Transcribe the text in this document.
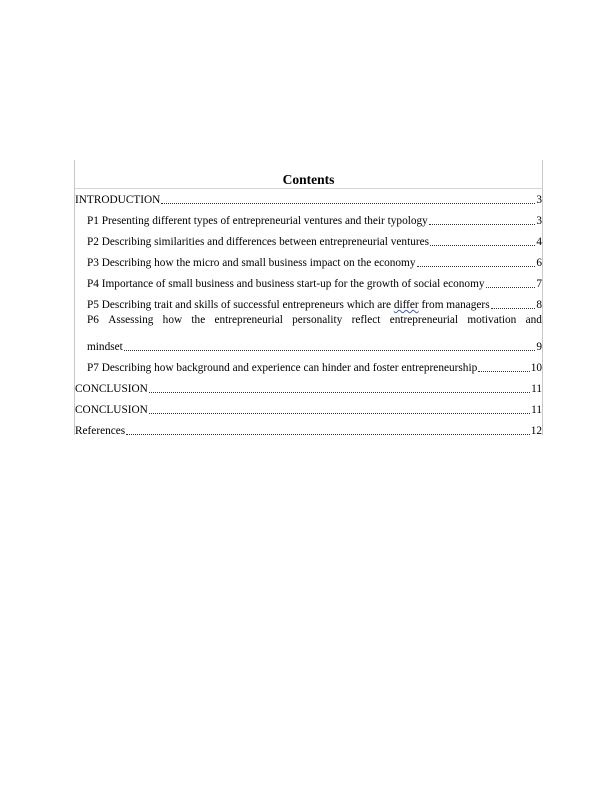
Contents
INTRODUCTION	3
P1 Presenting different types of entrepreneurial ventures and their typology	3
P2 Describing similarities and differences between entrepreneurial ventures	4
P3 Describing how the micro and small business impact on the economy	6
P4 Importance of small business and business start-up for the growth of social economy	7
P5 Describing trait and skills of successful entrepreneurs which are differ from managers	8
P6 Assessing how the entrepreneurial personality reflect entrepreneurial motivation and
mindset	9
P7 Describing how background and experience can hinder and foster entrepreneurship	10
CONCLUSION	11
CONCLUSION	11
References	12
